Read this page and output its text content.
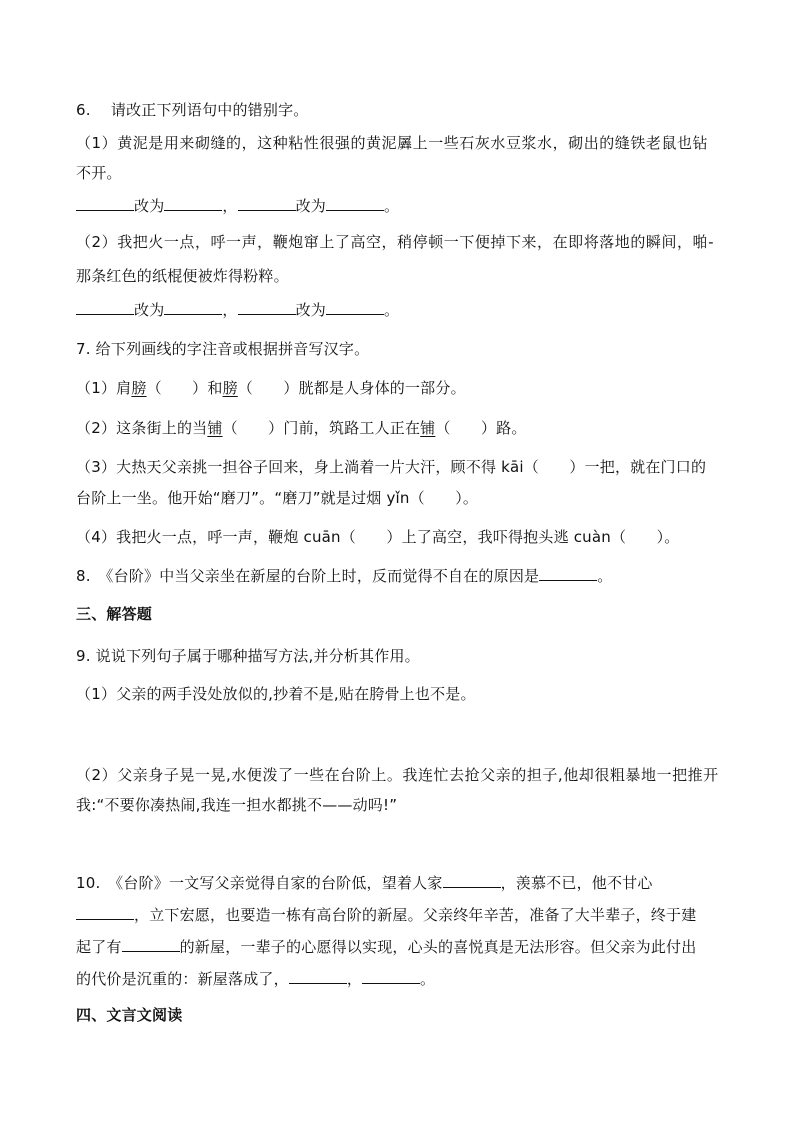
6.　 请改正下列语句中的错别字。
（1）黄泥是用来砌缝的，这种粘性很强的黄泥羼上一些石灰水豆浆水，砌出的缝铁老鼠也钻
不开。
改为	，	改为	。
（2）我把火一点，呼一声，鞭炮窜上了高空，稍停顿一下便掉下来，在即将落地的瞬间，啪-
那条红色的纸棍便被炸得粉粹。
改为	，	改为	。
7. 给下列画线的字注音或根据拼音写汉字。
（1）肩膀（　　）和膀（　　）胱都是人身体的一部分。
（2）这条街上的当铺（　　）门前，筑路工人正在铺（　　）路。
（3）大热天父亲挑一担谷子回来，身上淌着一片大汗，顾不得 kāi（　　）一把，就在门口的
台阶上一坐。他开始“磨刀”。“磨刀”就是过烟 yǐn（　　）。
（4）我把火一点，呼一声，鞭炮 cuān（　　）上了高空，我吓得抱头逃 cuàn（　　）。
8.　《台阶》中当父亲坐在新屋的台阶上时，反而觉得不自在的原因是	。
三、解答题
9. 说说下列句子属于哪种描写方法,并分析其作用。
（1）父亲的两手没处放似的,抄着不是,贴在胯骨上也不是。
（2）父亲身子晃一晃,水便泼了一些在台阶上。我连忙去抢父亲的担子,他却很粗暴地一把推开
我:“不要你凑热闹,我连一担水都挑不——动吗!”
10.　《台阶》一文写父亲觉得自家的台阶低，望着人家	，羡慕不已，他不甘心
，立下宏愿，也要造一栋有高台阶的新屋。父亲终年辛苦，准备了大半辈子，终于建
起了有	的新屋，一辈子的心愿得以实现，心头的喜悦真是无法形容。但父亲为此付出
的代价是沉重的：新屋落成了，	，	。
四、文言文阅读
